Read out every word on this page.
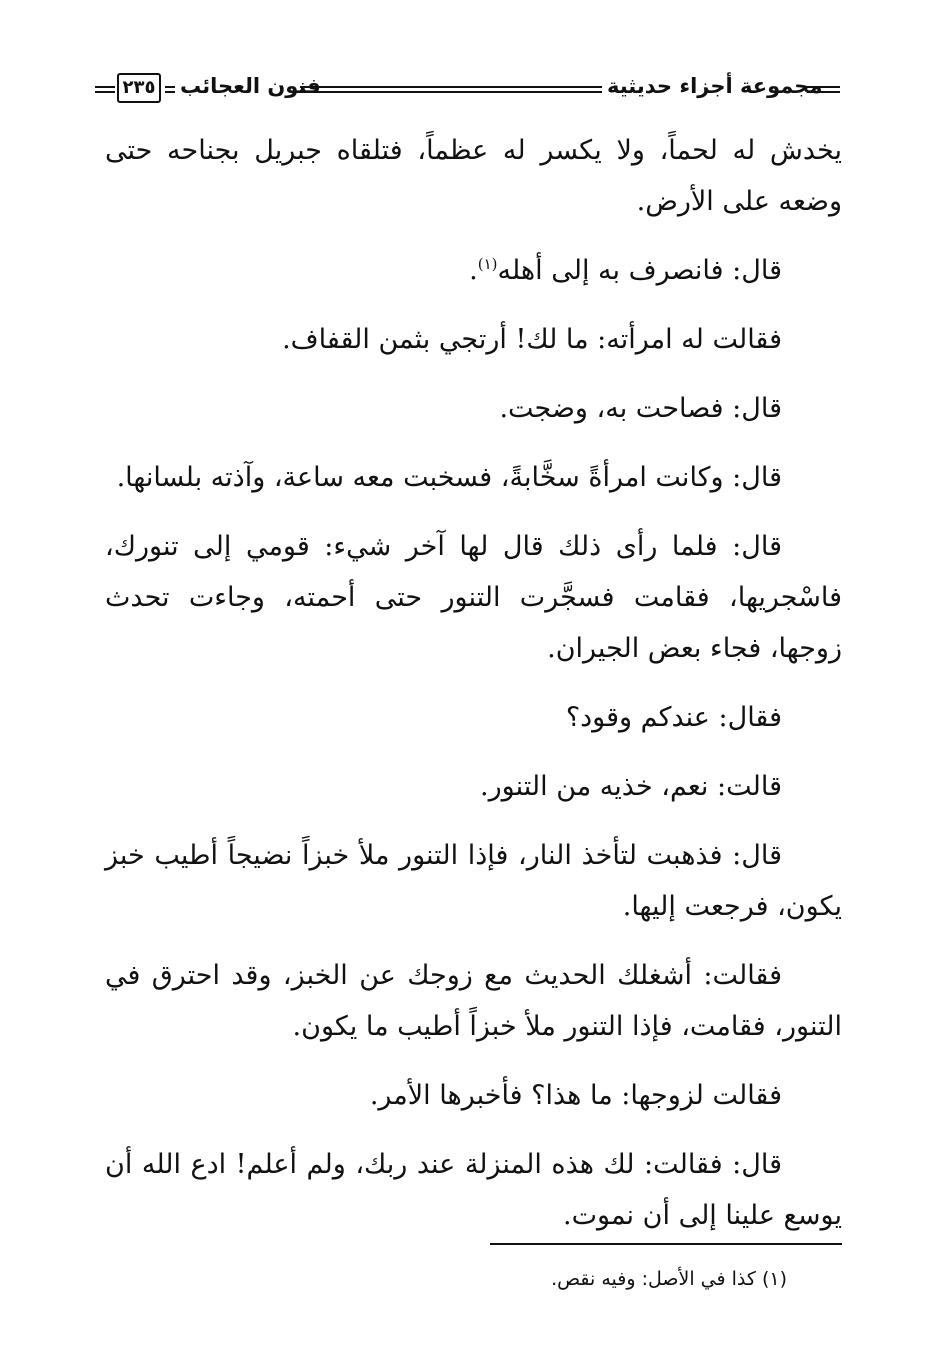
٢٣٥ فنون العجائب	مجموعة أجزاء حديثية

يخدش له لحماً، ولا يكسر له عظماً، فتلقاه جبريل بجناحه حتى وضعه على الأرض.

قال: فانصرف به إلى أهله$^{(١)}$.

فقالت له امرأته: ما لك! أرتجي بثمن القفاف.

قال: فصاحت به، وضجت.

قال: وكانت امرأةً سخَّابةً، فسخبت معه ساعة، وآذته بلسانها.

قال: فلما رأى ذلك قال لها آخر شيء: قومي إلى تنورك، فاسْجريها، فقامت فسجَّرت التنور حتى أحمته، وجاءت تحدث زوجها، فجاء بعض الجيران.

فقال: عندكم وقود؟

قالت: نعم، خذيه من التنور.

قال: فذهبت لتأخذ النار، فإذا التنور ملأ خبزاً نضيجاً أطيب خبز يكون، فرجعت إليها.

فقالت: أشغلك الحديث مع زوجك عن الخبز، وقد احترق في التنور، فقامت، فإذا التنور ملأ خبزاً أطيب ما يكون.

فقالت لزوجها: ما هذا؟ فأخبرها الأمر.

قال: فقالت: لك هذه المنزلة عند ربك، ولم أعلم! ادع الله أن يوسع علينا إلى أن نموت.

(١) كذا في الأصل: وفيه نقص.
